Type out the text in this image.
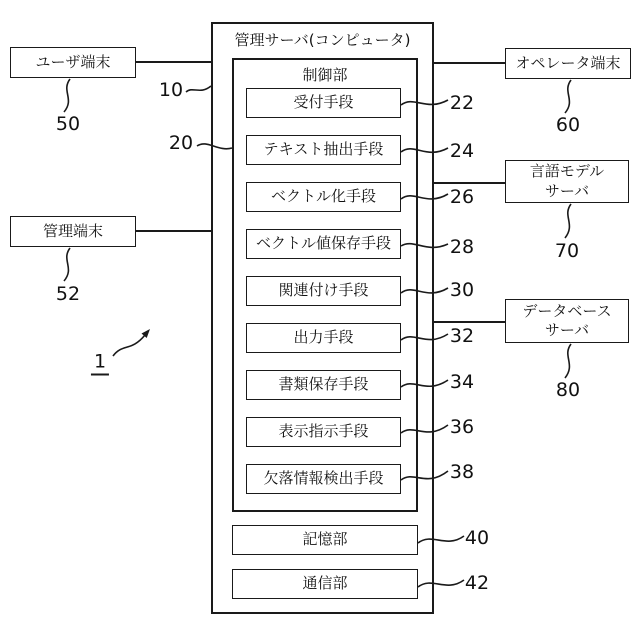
管理サーバ(コンピュータ)
制御部
受付手段
テキスト抽出手段
ベクトル化手段
ベクトル値保存手段
関連付け手段
出力手段
書類保存手段
表示指示手段
欠落情報検出手段
記憶部
通信部
ユーザ端末
管理端末
オペレータ端末
言語モデル
サーバ
データベース
サーバ
10
20
22
24
26
28
30
32
34
36
38
40
42
50
52
60
70
80
1
